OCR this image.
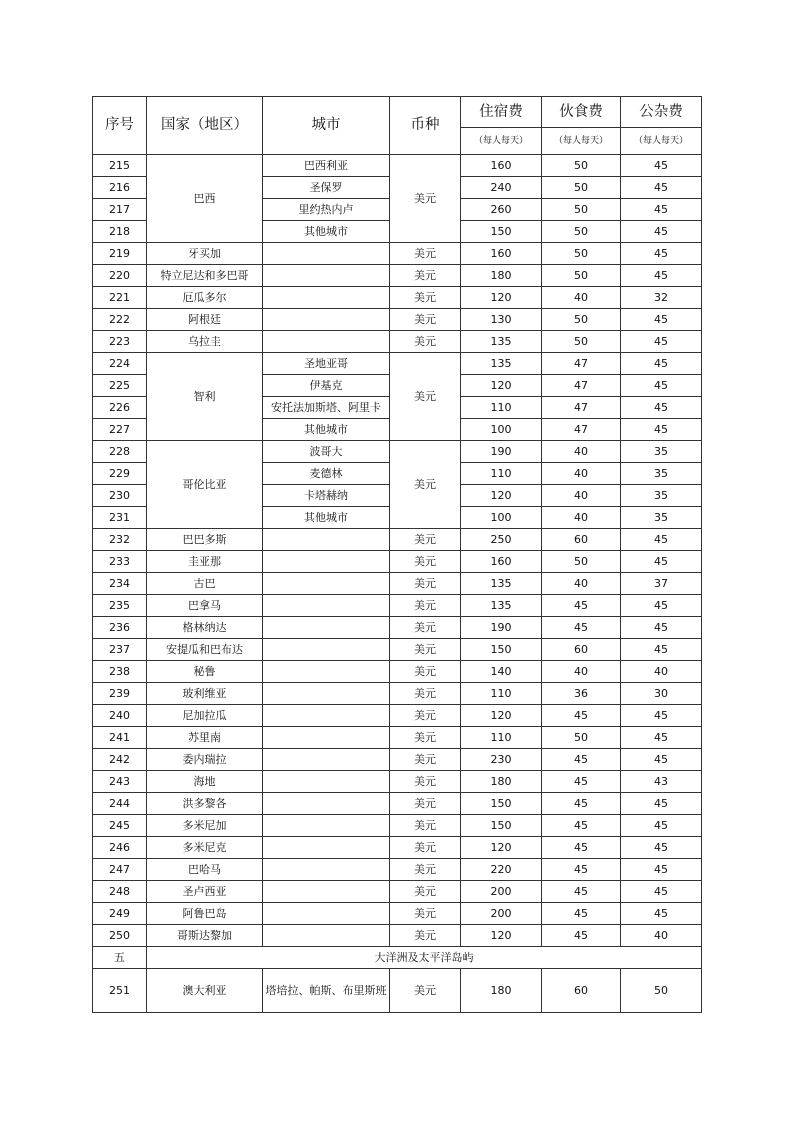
序号	国家（地区）	城市	币种	住宿费	伙食费	公杂费
				（每人每天）	（每人每天）	（每人每天）
215	巴西	巴西利亚	美元	160	50	45
216		圣保罗		240	50	45
217		里约热内卢		260	50	45
218		其他城市		150	50	45
219	牙买加		美元	160	50	45
220	特立尼达和多巴哥		美元	180	50	45
221	厄瓜多尔		美元	120	40	32
222	阿根廷		美元	130	50	45
223	乌拉圭		美元	135	50	45
224	智利	圣地亚哥	美元	135	47	45
225		伊基克		120	47	45
226		安托法加斯塔、阿里卡		110	47	45
227		其他城市		100	47	45
228	哥伦比亚	波哥大	美元	190	40	35
229		麦德林		110	40	35
230		卡塔赫纳		120	40	35
231		其他城市		100	40	35
232	巴巴多斯		美元	250	60	45
233	圭亚那		美元	160	50	45
234	古巴		美元	135	40	37
235	巴拿马		美元	135	45	45
236	格林纳达		美元	190	45	45
237	安提瓜和巴布达		美元	150	60	45
238	秘鲁		美元	140	40	40
239	玻利维亚		美元	110	36	30
240	尼加拉瓜		美元	120	45	45
241	苏里南		美元	110	50	45
242	委内瑞拉		美元	230	45	45
243	海地		美元	180	45	43
244	洪多黎各		美元	150	45	45
245	多米尼加		美元	150	45	45
246	多米尼克		美元	120	45	45
247	巴哈马		美元	220	45	45
248	圣卢西亚		美元	200	45	45
249	阿鲁巴岛		美元	200	45	45
250	哥斯达黎加		美元	120	45	40
五	大洋洲及太平洋岛屿					
251	澳大利亚	塔培拉、帕斯、布里斯班	美元	180	60	50
